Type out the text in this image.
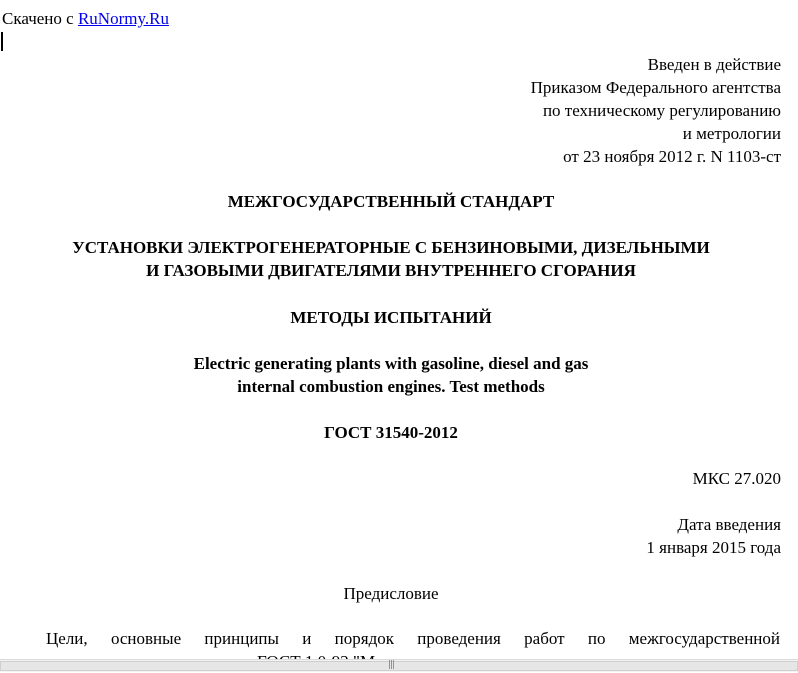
Скачено с RuNormy.Ru
Введен в действие
Приказом Федерального агентства
по техническому регулированию
и метрологии
от 23 ноября 2012 г. N 1103-ст
МЕЖГОСУДАРСТВЕННЫЙ СТАНДАРТ
УСТАНОВКИ ЭЛЕКТРОГЕНЕРАТОРНЫЕ С БЕНЗИНОВЫМИ, ДИЗЕЛЬНЫМИ
И ГАЗОВЫМИ ДВИГАТЕЛЯМИ ВНУТРЕННЕГО СГОРАНИЯ
МЕТОДЫ ИСПЫТАНИЙ
Electric generating plants with gasoline, diesel and gas
internal combustion engines. Test methods
ГОСТ 31540-2012
МКС 27.020
Дата введения
1 января 2015 года
Предисловие
Цели, основные принципы и порядок проведения работ по межгосударственной
|||
